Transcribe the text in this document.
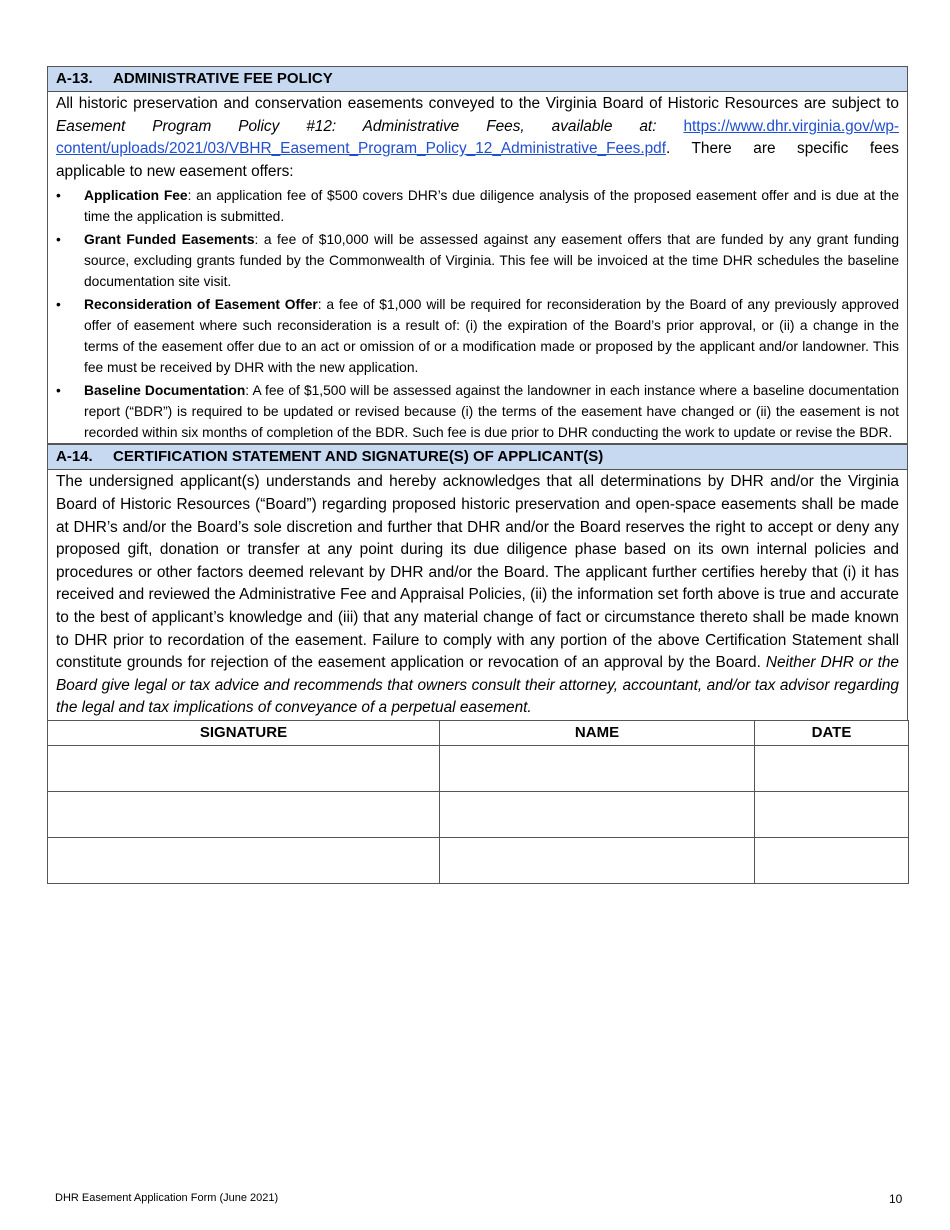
A-13. ADMINISTRATIVE FEE POLICY
All historic preservation and conservation easements conveyed to the Virginia Board of Historic Resources are subject to Easement Program Policy #12: Administrative Fees, available at: https://www.dhr.virginia.gov/wp-content/uploads/2021/03/VBHR_Easement_Program_Policy_12_Administrative_Fees.pdf. There are specific fees applicable to new easement offers:
• Application Fee: an application fee of $500 covers DHR’s due diligence analysis of the proposed easement offer and is due at the time the application is submitted.
• Grant Funded Easements: a fee of $10,000 will be assessed against any easement offers that are funded by any grant funding source, excluding grants funded by the Commonwealth of Virginia. This fee will be invoiced at the time DHR schedules the baseline documentation site visit.
• Reconsideration of Easement Offer: a fee of $1,000 will be required for reconsideration by the Board of any previously approved offer of easement where such reconsideration is a result of: (i) the expiration of the Board’s prior approval, or (ii) a change in the terms of the easement offer due to an act or omission of or a modification made or proposed by the applicant and/or landowner. This fee must be received by DHR with the new application.
• Baseline Documentation: A fee of $1,500 will be assessed against the landowner in each instance where a baseline documentation report (“BDR”) is required to be updated or revised because (i) the terms of the easement have changed or (ii) the easement is not recorded within six months of completion of the BDR. Such fee is due prior to DHR conducting the work to update or revise the BDR.
A-14. CERTIFICATION STATEMENT AND SIGNATURE(S) OF APPLICANT(S)
The undersigned applicant(s) understands and hereby acknowledges that all determinations by DHR and/or the Virginia Board of Historic Resources (“Board”) regarding proposed historic preservation and open-space easements shall be made at DHR’s and/or the Board’s sole discretion and further that DHR and/or the Board reserves the right to accept or deny any proposed gift, donation or transfer at any point during its due diligence phase based on its own internal policies and procedures or other factors deemed relevant by DHR and/or the Board. The applicant further certifies hereby that (i) it has received and reviewed the Administrative Fee and Appraisal Policies, (ii) the information set forth above is true and accurate to the best of applicant’s knowledge and (iii) that any material change of fact or circumstance thereto shall be made known to DHR prior to recordation of the easement. Failure to comply with any portion of the above Certification Statement shall constitute grounds for rejection of the easement application or revocation of an approval by the Board. Neither DHR or the Board give legal or tax advice and recommends that owners consult their attorney, accountant, and/or tax advisor regarding the legal and tax implications of conveyance of a perpetual easement.
SIGNATURE	NAME	DATE

DHR Easement Application Form (June 2021)	10
